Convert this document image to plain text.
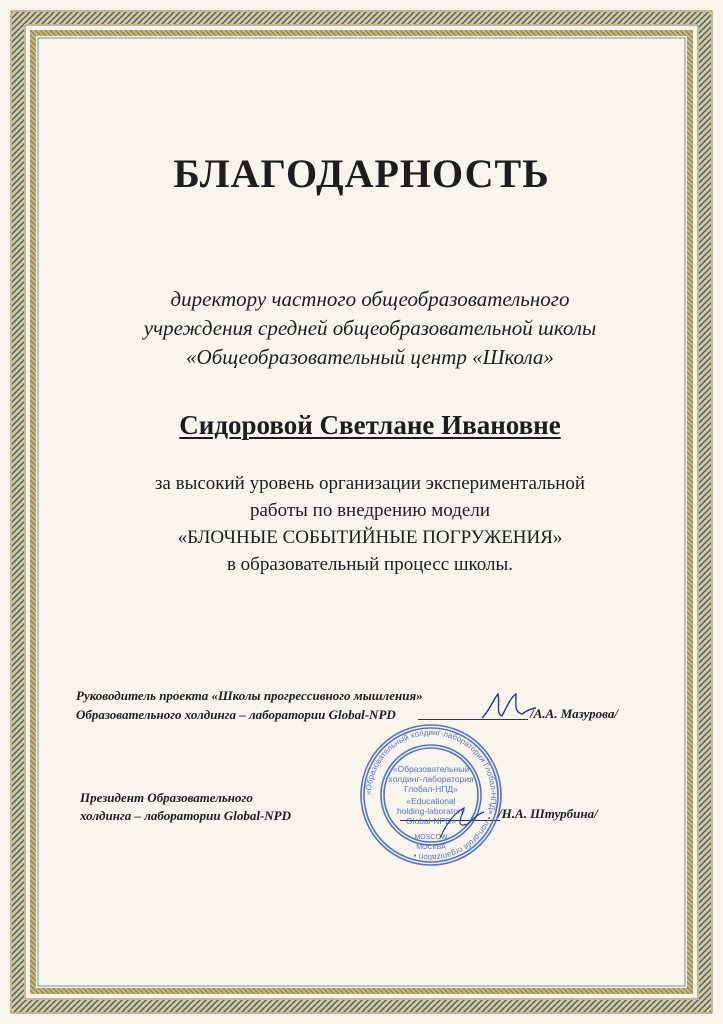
БЛАГОДАРНОСТЬ
директору частного общеобразовательного
учреждения средней общеобразовательной школы
«Общеобразовательный центр «Школа»
Сидоровой Светлане Ивановне
за высокий уровень организации экспериментальной
работы по внедрению модели
«БЛОЧНЫЕ СОБЫТИЙНЫЕ ПОГРУЖЕНИЯ»
в образовательный процесс школы.
Руководитель проекта «Школы прогрессивного мышления»
Образовательного холдинга – лаборатории Global-NPD	/А.А. Мазурова/
Президент Образовательного
холдинга – лаборатории Global-NPD	/Н.А. Штурбина/
«Образовательный холдинг-лаборатория Глобал-НПД» • non-profit organization •
«Образовательный
холдинг-лаборатория
Глобал-НПД»
«Educational
holding-laboratory
Global-NPD»
MOSCOW
МОСКВА
